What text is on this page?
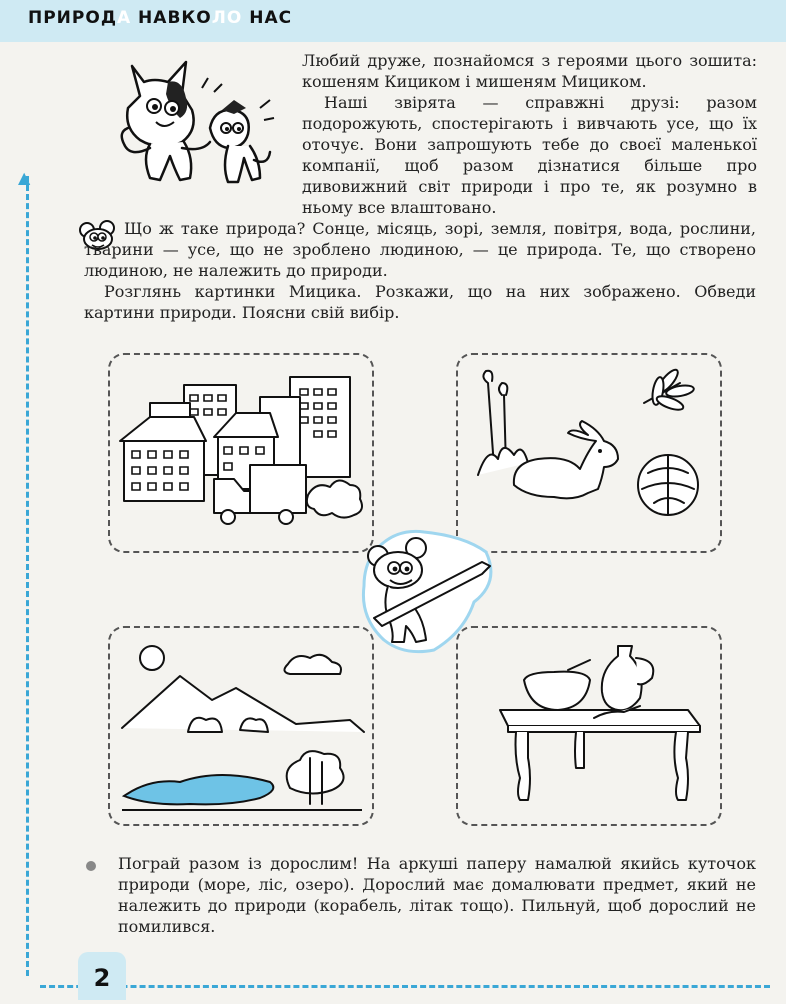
ПРИРОДА НАВКОЛО НАС
▲
2

Любий друже, познайомся з героями цього зошита: кошеням Кициком і мишеням Мициком.

Наші звірята — справжні друзі: разом подорожують, спостерігають і вивчають усе, що їх оточує. Вони запрошують тебе до своєї маленької компанії, щоб разом дізнатися більше про дивовижний світ природи і про те, як розумно в ньому все влаштовано.

Що ж таке природа? Сонце, місяць, зорі, земля, повітря, вода, рослини, тварини — усе, що не зроблено людиною, — це природа. Те, що створено людиною, не належить до природи.

Розглянь картинки Мицика. Розкажи, що на них зображено. Обведи картини природи. Поясни свій вибір.

Пограй разом із дорослим! На аркуші паперу намалюй якийсь куточок природи (море, ліс, озеро). Дорослий має домалювати предмет, який не належить до природи (корабель, літак тощо). Пильнуй, щоб дорослий не помилився.
